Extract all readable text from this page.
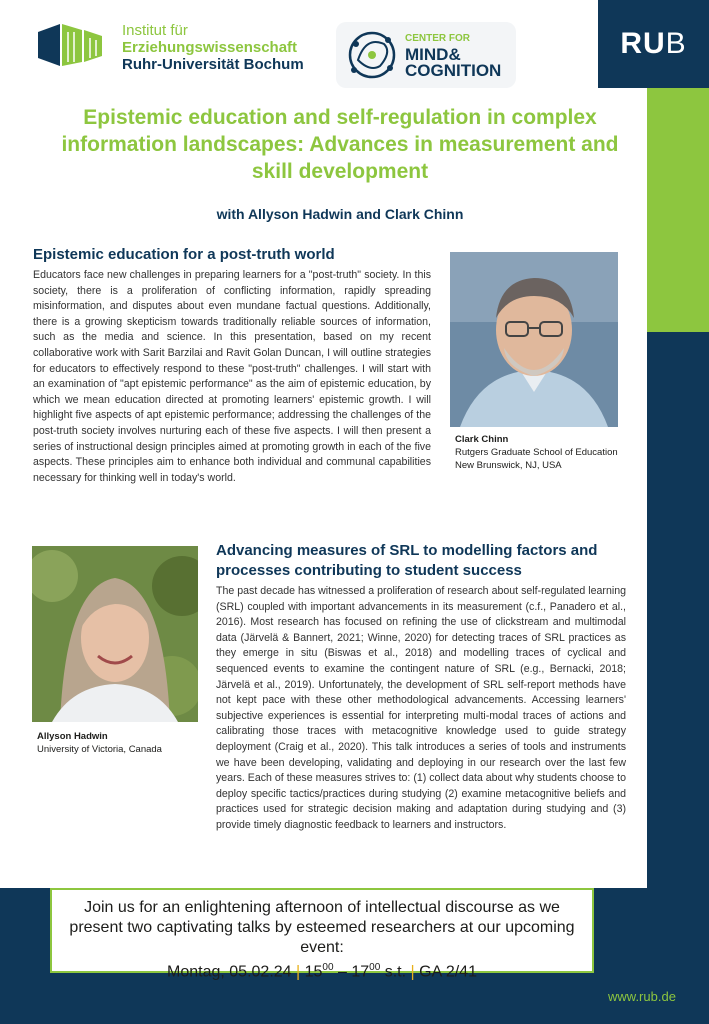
RUB
Institut für
Erziehungswissenschaft
Ruhr-Universität Bochum
CENTER FOR
MIND&
COGNITION
Epistemic education and self-regulation in complex information landscapes: Advances in measurement and skill development
with Allyson Hadwin and Clark Chinn
Epistemic education for a post-truth world
Educators face new challenges in preparing learners for a "post-truth" society. In this society, there is a proliferation of conflicting information, rapidly spreading misinformation, and disputes about even mundane factual questions. Additionally, there is a growing skepticism towards traditionally reliable sources of information, such as the media and science. In this presentation, based on my recent collaborative work with Sarit Barzilai and Ravit Golan Duncan, I will outline strategies for educators to effectively respond to these "post-truth" challenges. I will start with an examination of "apt epistemic performance" as the aim of epistemic education, by which we mean education directed at promoting learners' epistemic growth. I will highlight five aspects of apt epistemic performance; addressing the challenges of the post-truth society involves nurturing each of these five aspects. I will then present a series of instructional design principles aimed at promoting growth in each of the five aspects. These principles aim to enhance both individual and communal capabilities necessary for thinking well in today's world.
Clark Chinn
Rutgers Graduate School of Education
New Brunswick, NJ, USA
Allyson Hadwin
University of Victoria, Canada
Advancing measures of SRL to modelling factors and processes contributing to student success
The past decade has witnessed a proliferation of research about self-regulated learning (SRL) coupled with important advancements in its measurement (c.f., Panadero et al., 2016). Most research has focused on refining the use of clickstream and multimodal data (Järvelä & Bannert, 2021; Winne, 2020) for detecting traces of SRL practices as they emerge in situ (Biswas et al., 2018) and modelling traces of cyclical and sequenced events to examine the contingent nature of SRL (e.g., Bernacki, 2018; Järvelä et al., 2019). Unfortunately, the development of SRL self-report methods have not kept pace with these other methodological advancements. Accessing learners' subjective experiences is essential for interpreting multi-modal traces of actions and calibrating those traces with metacognitive knowledge used to guide strategy deployment (Craig et al., 2020). This talk introduces a series of tools and instruments we have been developing, validating and deploying in our research over the last few years. Each of these measures strives to: (1) collect data about why students choose to deploy specific tactics/practices during studying (2) examine metacognitive beliefs and practices used for strategic decision making and adaptation during studying and (3) provide timely diagnostic feedback to learners and instructors.
Join us for an enlightening afternoon of intellectual discourse as we present two captivating talks by esteemed researchers at our upcoming event:
Montag, 05.02.24 | $15^{00} - 17^{00}$ s.t. | GA 2/41
www.rub.de
